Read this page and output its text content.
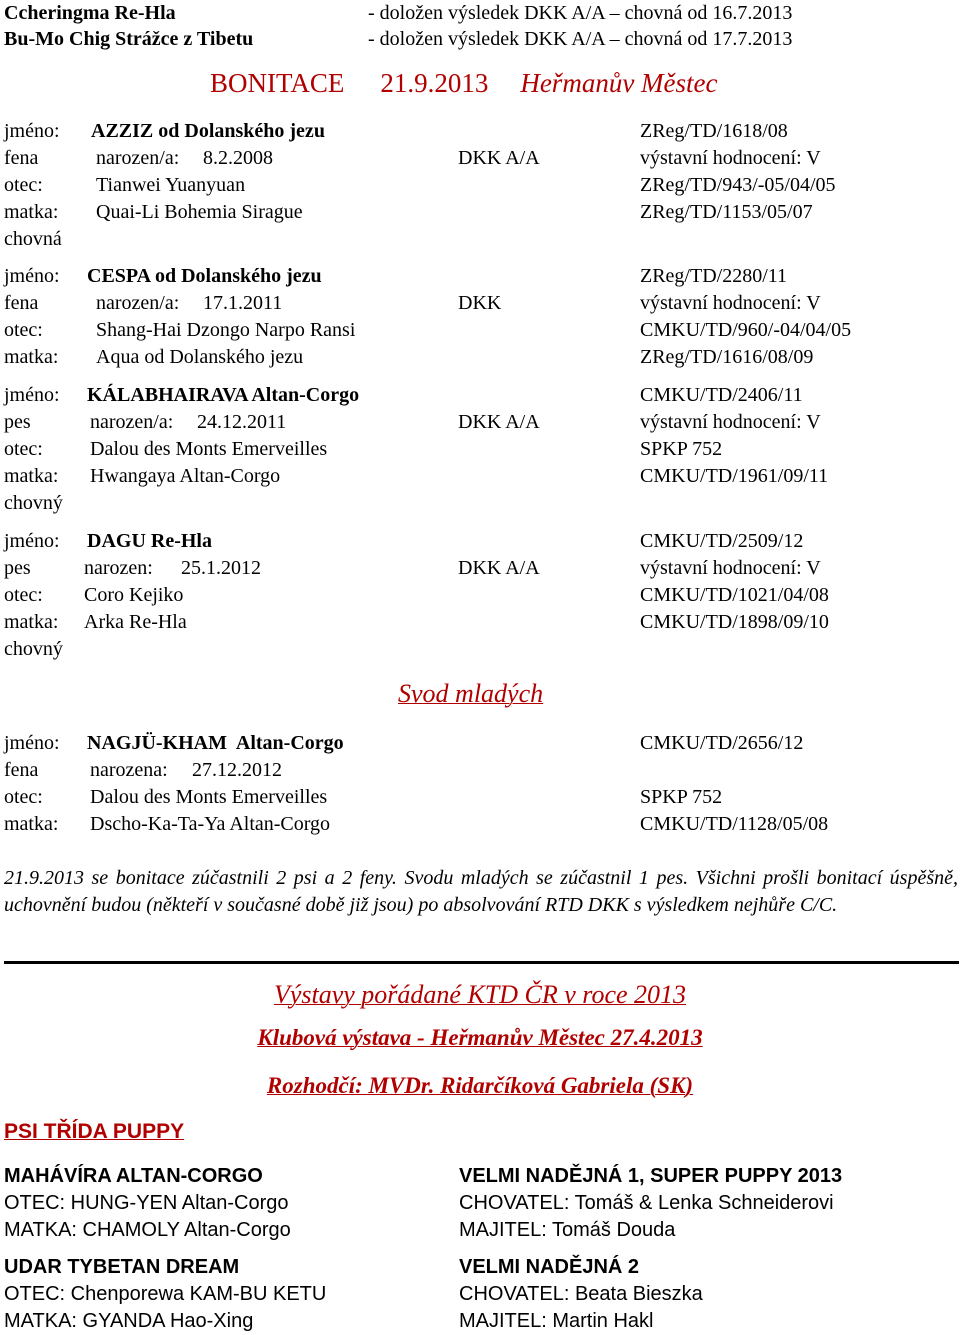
Ccheringma Re-Hla	- doložen výsledek DKK A/A – chovná od 16.7.2013
Bu-Mo Chig Strážce z Tibetu	- doložen výsledek DKK A/A – chovná od 17.7.2013
BONITACE 21.9.2013 Heřmanův Městec
jméno: AZZIZ od Dolanského jezu	ZReg/TD/1618/08
fena	narozen/a: 8.2.2008	DKK A/A	výstavní hodnocení: V
otec:	Tianwei Yuanyuan	ZReg/TD/943/-05/04/05
matka: Quai-Li Bohemia Sirague	ZReg/TD/1153/05/07
chovná
jméno: CESPA od Dolanského jezu	ZReg/TD/2280/11
fena	narozen/a: 17.1.2011	DKK	výstavní hodnocení: V
otec:	Shang-Hai Dzongo Narpo Ransi	CMKU/TD/960/-04/04/05
matka: Aqua od Dolanského jezu	ZReg/TD/1616/08/09
jméno: KÁLABHAIRAVA Altan-Corgo	CMKU/TD/2406/11
pes	narozen/a: 24.12.2011	DKK A/A	výstavní hodnocení: V
otec: Dalou des Monts Emerveilles	SPKP 752
matka: Hwangaya Altan-Corgo	CMKU/TD/1961/09/11
chovný
jméno: DAGU Re-Hla	CMKU/TD/2509/12
pes	narozen: 25.1.2012	DKK A/A	výstavní hodnocení: V
otec: Coro Kejiko	CMKU/TD/1021/04/08
matka: Arka Re-Hla	CMKU/TD/1898/09/10
chovný
Svod mladých
jméno: NAGJÜ-KHAM  Altan-Corgo	CMKU/TD/2656/12
fena	narozena: 27.12.2012
otec: Dalou des Monts Emerveilles	SPKP 752
matka: Dscho-Ka-Ta-Ya Altan-Corgo	CMKU/TD/1128/05/08
21.9.2013 se bonitace zúčastnili 2 psi a 2 feny. Svodu mladých se zúčastnil 1 pes. Všichni prošli bonitací úspěšně, uchovnění budou (někteří v současné době již jsou) po absolvování RTD DKK s výsledkem nejhůře C/C.
Výstavy pořádané KTD ČR v roce 2013
Klubová výstava - Heřmanův Městec 27.4.2013
Rozhodčí: MVDr. Ridarčíková Gabriela (SK)
PSI TŘÍDA PUPPY
MAHÁVÍRA ALTAN-CORGO
OTEC: HUNG-YEN Altan-Corgo
MATKA: CHAMOLY Altan-Corgo
VELMI NADĚJNÁ 1, SUPER PUPPY 2013
CHOVATEL: Tomáš & Lenka Schneiderovi
MAJITEL: Tomáš Douda
UDAR TYBETAN DREAM
OTEC: Chenporewa KAM-BU KETU
MATKA: GYANDA Hao-Xing
VELMI NADĚJNÁ 2
CHOVATEL: Beata Bieszka
MAJITEL: Martin Hakl
